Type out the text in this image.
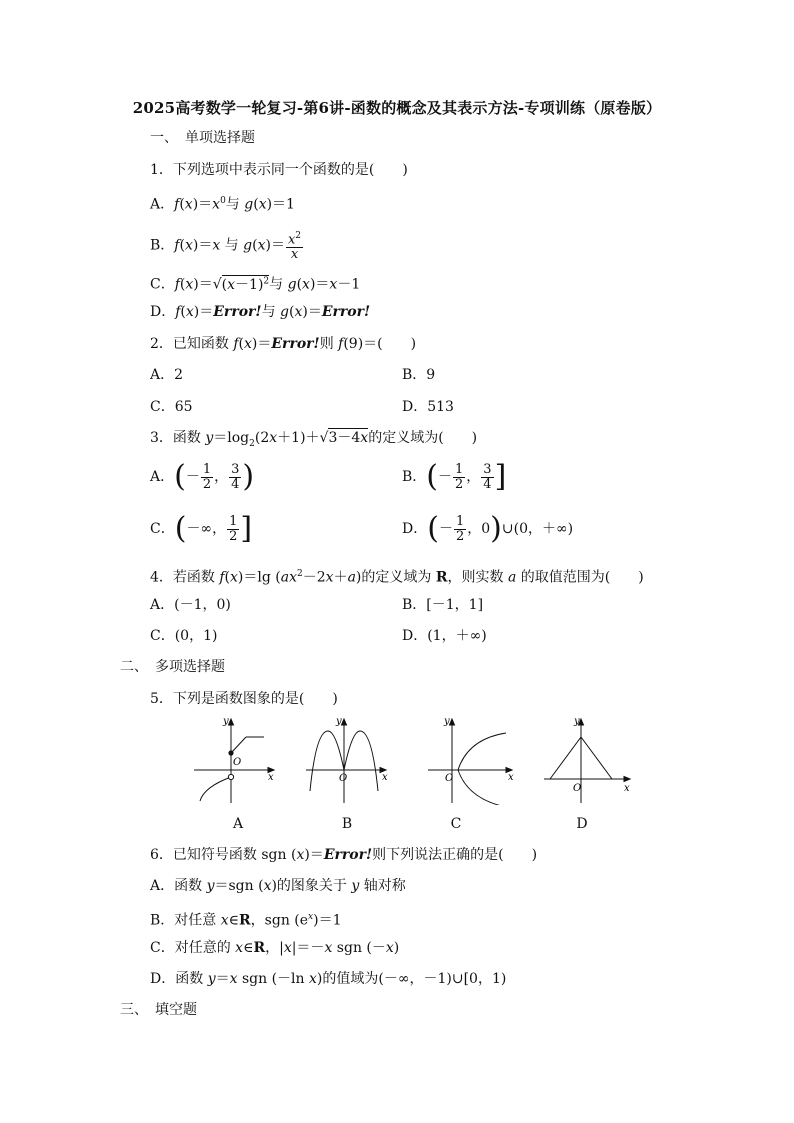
2025高考数学一轮复习-第6讲-函数的概念及其表示方法-专项训练（原卷版）
一、　单项选择题
1．下列选项中表示同一个函数的是(　　)
A．$f(x)=x^0$与 g(x)＝1
B．f(x)＝x 与 $g(x)= \frac{x^2}{x}$
C．$f(x)=√(x-1)^2$与 g(x)＝x－1
D．f(x)＝Error!与 g(x)＝Error!
2．已知函数 f(x)＝Error!则 f(9)＝(　　)
A．2	B．9
C．65	D．513
3．函数 $y=\log_2(2x+1)+√3-4x$的定义域为(　　)
A．(－ $\frac{1}{2}$ ， $\frac{3}{4}$ )	B．(－ $\frac{1}{2}$ ， $\frac{3}{4}$ ]
C．(－∞， $\frac{1}{2}$ ]	D．(－ $\frac{1}{2}$ ，0)∪(0，＋∞)
4．若函数 f(x)＝lg $(ax^2-2x+a)$的定义域为 R，则实数 a 的取值范围为(　　)
A．(－1，0)	B．[－1，1]
C．(0，1)	D．(1，＋∞)
二、　多项选择题
5．下列是函数图象的是(　　)
y
O
x
y
O	x
y
O	x
y
O	x
A	B	C	D
6．已知符号函数 sgn (x)＝Error!则下列说法正确的是(　　)
A．函数 y＝sgn (x)的图象关于 y 轴对称
B．对任意 x∈R，sgn $(e^x)=1$
C．对任意的 x∈R，|x|＝－x sgn (－x)
D．函数 y＝x sgn (－ln x)的值域为(－∞，－1)∪[0，1)
三、　填空题
